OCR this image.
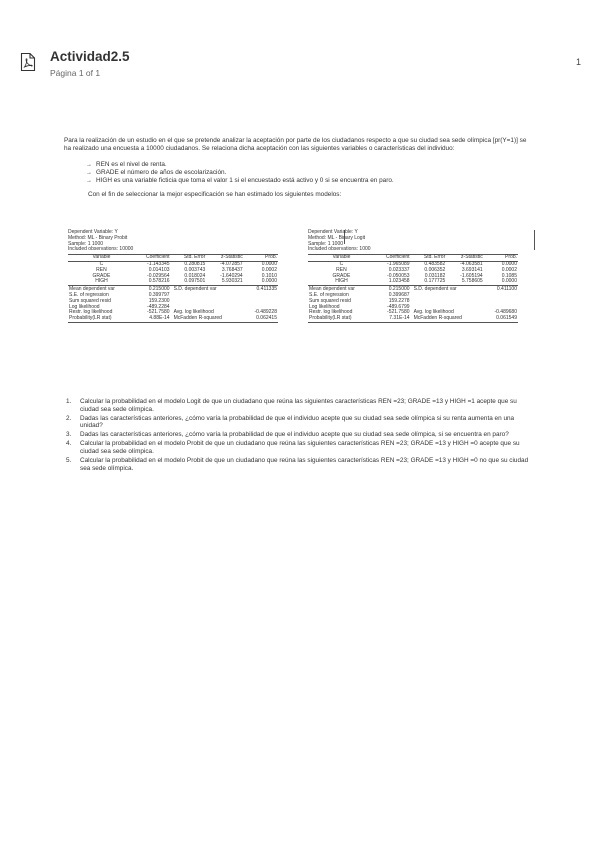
Actividad2.5
Página 1 of 1
1

Para la realización de un estudio en el que se pretende analizar la aceptación por parte de los ciudadanos respecto a que su ciudad sea sede olímpica [pr(Y=1)] se ha realizado una encuesta a 10000 ciudadanos. Se relaciona dicha aceptación con las siguientes variables o características del individuo:

→ REN es el nivel de renta.
→ GRADE el número de años de escolarización.
→ HIGH es una variable ficticia que toma el valor 1 si el encuestado está activo y 0 si se encuentra en paro.

Con el fin de seleccionar la mejor especificación se han estimado los siguientes modelos:

Dependent Variable: Y
Method: ML - Binary Probit
Sample: 1 1000
Included observations: 10000
Variable	Coefficient	Std. Error	z-Statistic	Prob.
C	-1.143345	0.280815	-4.072857	0.0000
REN	0.014103	0.003743	3.768437	0.0002
GRADE	-0.029564	0.018024	-1.640294	0.1010
HIGH	0.578216	0.097501	5.930321	0.0000

Mean dependent var	0.215000	S.D. dependent var		0.411335
S.E. of regression	0.399797			
Sum squared resid	159.2300			
Log likelihood	-489.2284			
Restr. log likelihood	-521.7580	Avg. log likelihood		-0.489228
Probability(LR stat)	4.88E-14	McFadden R-squared		0.062415
Dependent Variable: Y
Method: ML - Binary Logit
Sample: 1 1000
Included observations: 1000
Variable	Coefficient	Std. Error	z-Statistic	Prob.
C	-1.965089	0.483582	-4.063581	0.0000
REN	0.023337	0.006352	3.693141	0.0002
GRADE	-0.050053	0.031182	-1.605194	0.1085
HIGH	1.023458	0.177725	5.758605	0.0000

Mean dependent var	0.215000	S.D. dependent var		0.411100
S.E. of regression	0.399687			
Sum squared resid	159.2278			
Log likelihood	-489.6799			
Restr. log likelihood	-521.7580	Avg. log likelihood		-0.489680
Probability(LR stat)	7.31E-14	McFadden R-squared		0.061549
1. Calcular la probabilidad en el modelo Logit de que un ciudadano que reúna las siguientes características REN =23; GRADE =13 y HIGH =1 acepte que su ciudad sea sede olímpica.
2. Dadas las características anteriores, ¿cómo varía la probabilidad de que el individuo acepte que su ciudad sea sede olímpica si su renta aumenta en una unidad?
3. Dadas las características anteriores, ¿cómo varía la probabilidad de que el individuo acepte que su ciudad sea sede olímpica, si se encuentra en paro?
4. Calcular la probabilidad en el modelo Probit de que un ciudadano que reúna las siguientes características REN =23; GRADE =13 y HIGH =0 acepte que su ciudad sea sede olímpica.
5. Calcular la probabilidad en el modelo Probit de que un ciudadano que reúna las siguientes características REN =23; GRADE =13 y HIGH =0 no que su ciudad sea sede olímpica.
